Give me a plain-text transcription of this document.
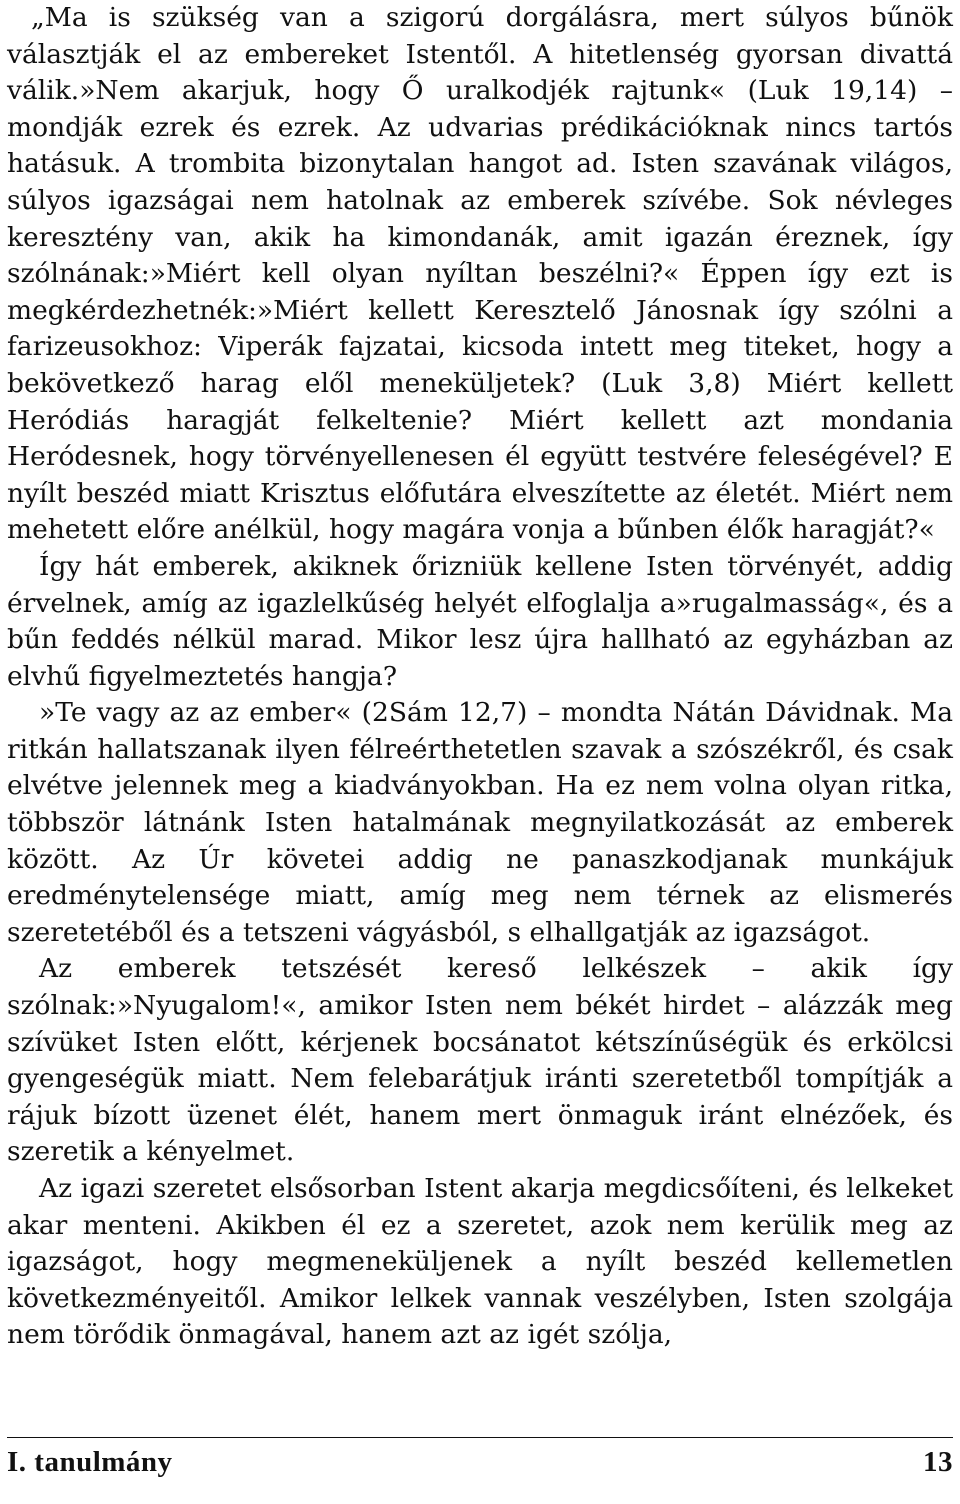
„Ma is szükség van a szigorú dorgálásra, mert súlyos bűnök választják el az embereket Istentől. A hitetlenség gyorsan divattá válik.»Nem akarjuk, hogy Ő uralkodjék rajtunk« (Luk 19,14) – mondják ezrek és ezrek. Az udvarias prédikációknak nincs tartós hatásuk. A trombita bizonytalan hangot ad. Isten szavának világos, súlyos igazságai nem hatolnak az emberek szívébe. Sok névleges keresztény van, akik ha kimondanák, amit igazán éreznek, így szólnának:»Miért kell olyan nyíltan beszélni?« Éppen így ezt is megkérdezhetnék:»Miért kellett Keresztelő Jánosnak így szólni a farizeusokhoz: Viperák fajzatai, kicsoda intett meg titeket, hogy a bekövetkező harag elől meneküljetek? (Luk 3,8) Miért kellett Heródiás haragját felkeltenie? Miért kellett azt mondania Heródesnek, hogy törvényellenesen él együtt testvére feleségével? E nyílt beszéd miatt Krisztus előfutára elveszítette az életét. Miért nem mehetett előre anélkül, hogy magára vonja a bűnben élők haragját?«

Így hát emberek, akiknek őrizniük kellene Isten törvényét, addig érvelnek, amíg az igazlelkűség helyét elfoglalja a»rugalmasság«, és a bűn feddés nélkül marad. Mikor lesz újra hallható az egyházban az elvhű figyelmeztetés hangja?

»Te vagy az az ember« (2Sám 12,7) – mondta Nátán Dávidnak. Ma ritkán hallatszanak ilyen félreérthetetlen szavak a szószékről, és csak elvétve jelennek meg a kiadványokban. Ha ez nem volna olyan ritka, többször látnánk Isten hatalmának megnyilatkozását az emberek között. Az Úr követei addig ne panaszkodjanak munkájuk eredménytelensége miatt, amíg meg nem térnek az elismerés szeretetéből és a tetszeni vágyásból, s elhallgatják az igazságot.

Az emberek tetszését kereső lelkészek – akik így szólnak:»Nyugalom!«, amikor Isten nem békét hirdet – alázzák meg szívüket Isten előtt, kérjenek bocsánatot kétszínűségük és erkölcsi gyengeségük miatt. Nem felebarátjuk iránti szeretetből tompítják a rájuk bízott üzenet élét, hanem mert önmaguk iránt elnézőek, és szeretik a kényelmet.

Az igazi szeretet elsősorban Istent akarja megdicsőíteni, és lelkeket akar menteni. Akikben él ez a szeretet, azok nem kerülik meg az igazságot, hogy megmeneküljenek a nyílt beszéd kellemetlen következményeitől. Amikor lelkek vannak veszélyben, Isten szolgája nem törődik önmagával, hanem azt az igét szólja,

I. tanulmány	13
